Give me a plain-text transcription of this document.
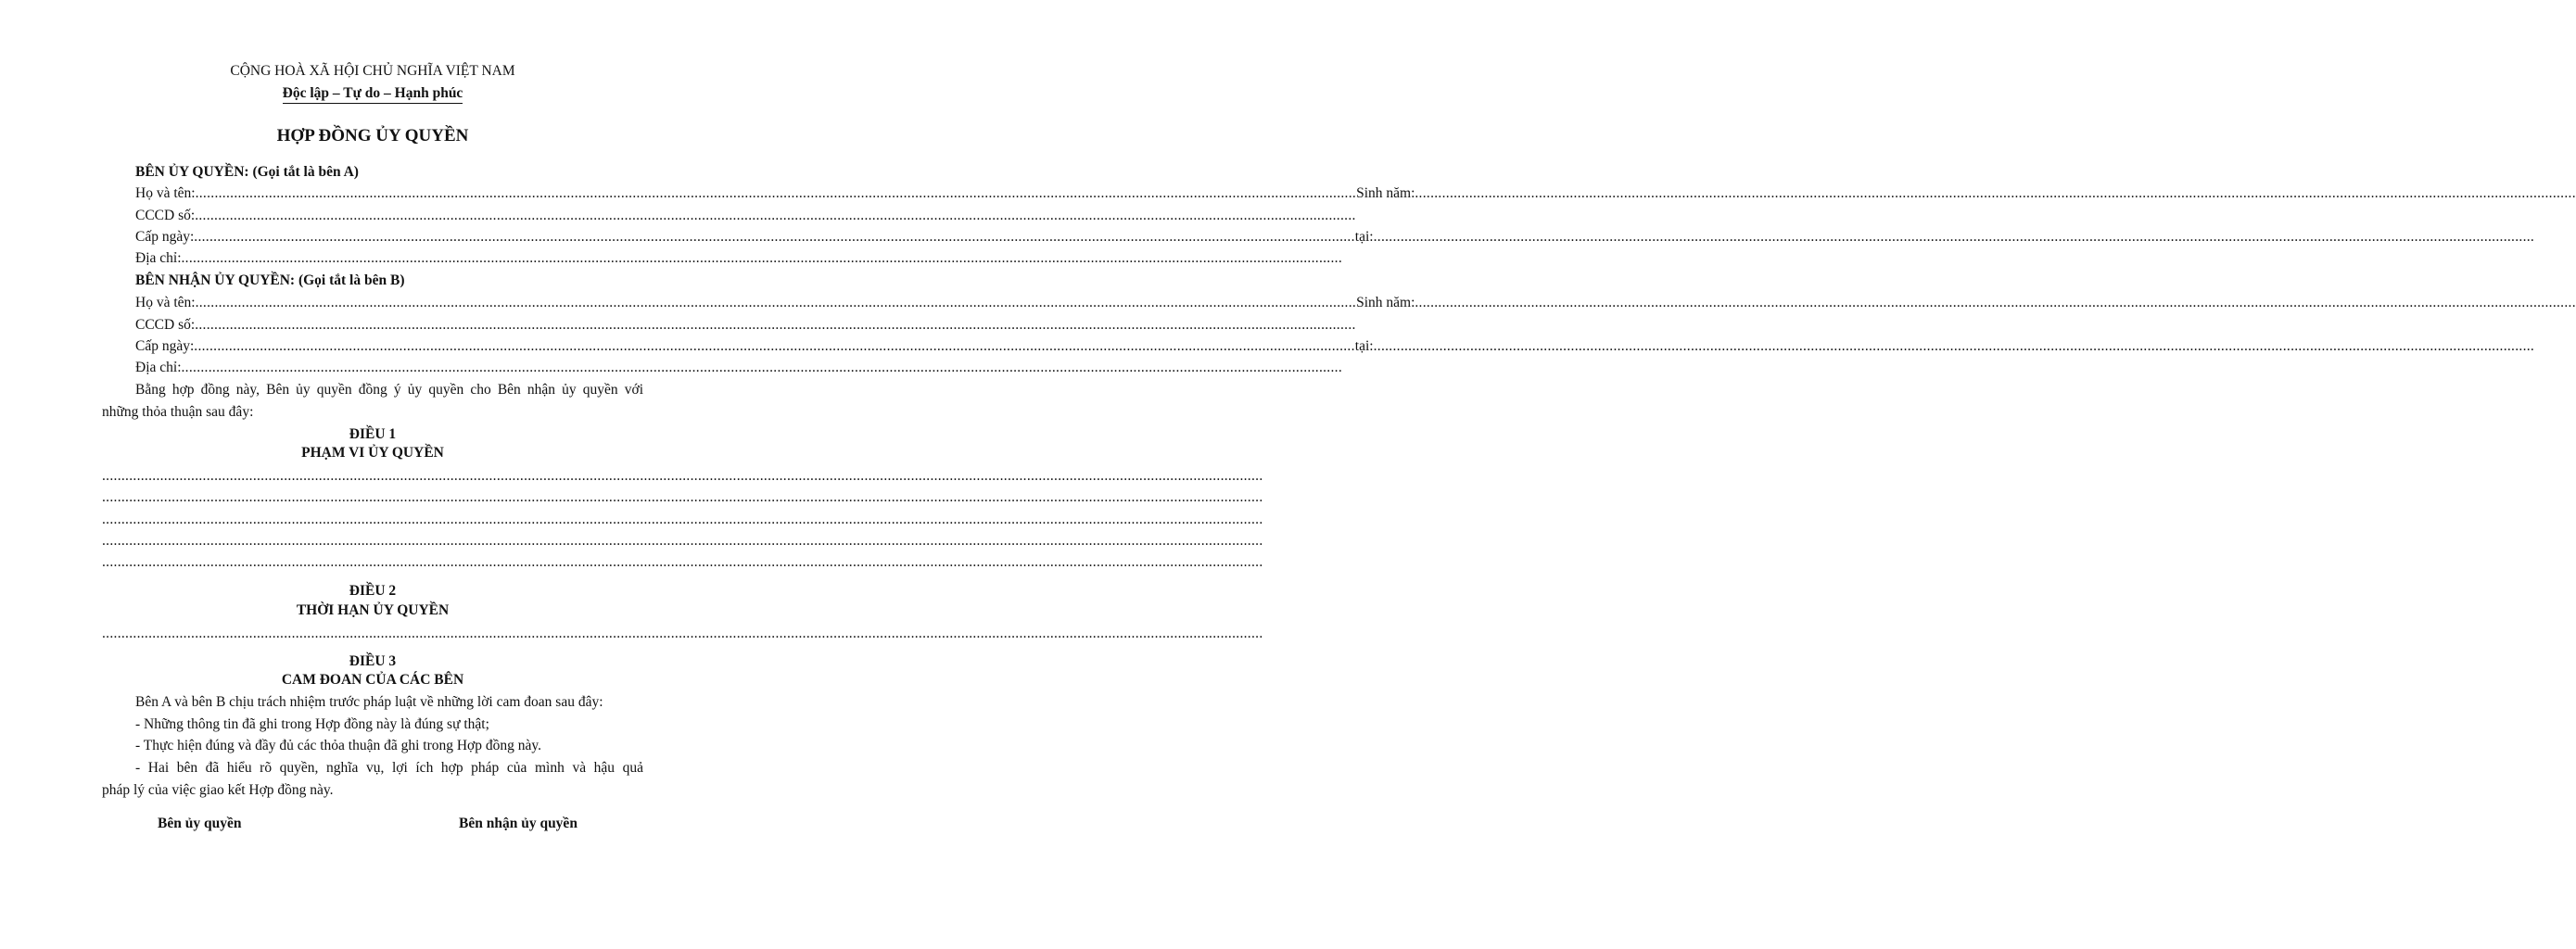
CỘNG HOÀ XÃ HỘI CHỦ NGHĨA VIỆT NAM
Độc lập – Tự do – Hạnh phúc
HỢP ĐỒNG ỦY QUYỀN
BÊN ỦY QUYỀN: (Gọi tắt là bên A)
Họ và tên: ............................................................................................................................................................................................................................................................................................................ Sinh năm: ............................................................................................................................................................................................................................................................................................................
CCCD số: ............................................................................................................................................................................................................................................................................................................
Cấp ngày: ............................................................................................................................................................................................................................................................................................................ tại: ............................................................................................................................................................................................................................................................................................................
Địa chỉ: ............................................................................................................................................................................................................................................................................................................
BÊN NHẬN ỦY QUYỀN: (Gọi tắt là bên B)
Họ và tên: ............................................................................................................................................................................................................................................................................................................ Sinh năm: ............................................................................................................................................................................................................................................................................................................
CCCD số: ............................................................................................................................................................................................................................................................................................................
Cấp ngày: ............................................................................................................................................................................................................................................................................................................ tại: ............................................................................................................................................................................................................................................................................................................
Địa chỉ: ............................................................................................................................................................................................................................................................................................................
Bằng hợp đồng này, Bên ủy quyền đồng ý ủy quyền cho Bên nhận ủy quyền với
những thỏa thuận sau đây:
ĐIỀU 1
PHẠM VI ỦY QUYỀN
............................................................................................................................................................................................................................................................................................................
............................................................................................................................................................................................................................................................................................................
............................................................................................................................................................................................................................................................................................................
............................................................................................................................................................................................................................................................................................................
............................................................................................................................................................................................................................................................................................................
ĐIỀU 2
THỜI HẠN ỦY QUYỀN
............................................................................................................................................................................................................................................................................................................
ĐIỀU 3
CAM ĐOAN CỦA CÁC BÊN
Bên A và bên B chịu trách nhiệm trước pháp luật về những lời cam đoan sau đây:
- Những thông tin đã ghi trong Hợp đồng này là đúng sự thật;
- Thực hiện đúng và đầy đủ các thỏa thuận đã ghi trong Hợp đồng này.
- Hai bên đã hiểu rõ quyền, nghĩa vụ, lợi ích hợp pháp của mình và hậu quả
pháp lý của việc giao kết Hợp đồng này.
Bên ủy quyền	Bên nhận ủy quyền
